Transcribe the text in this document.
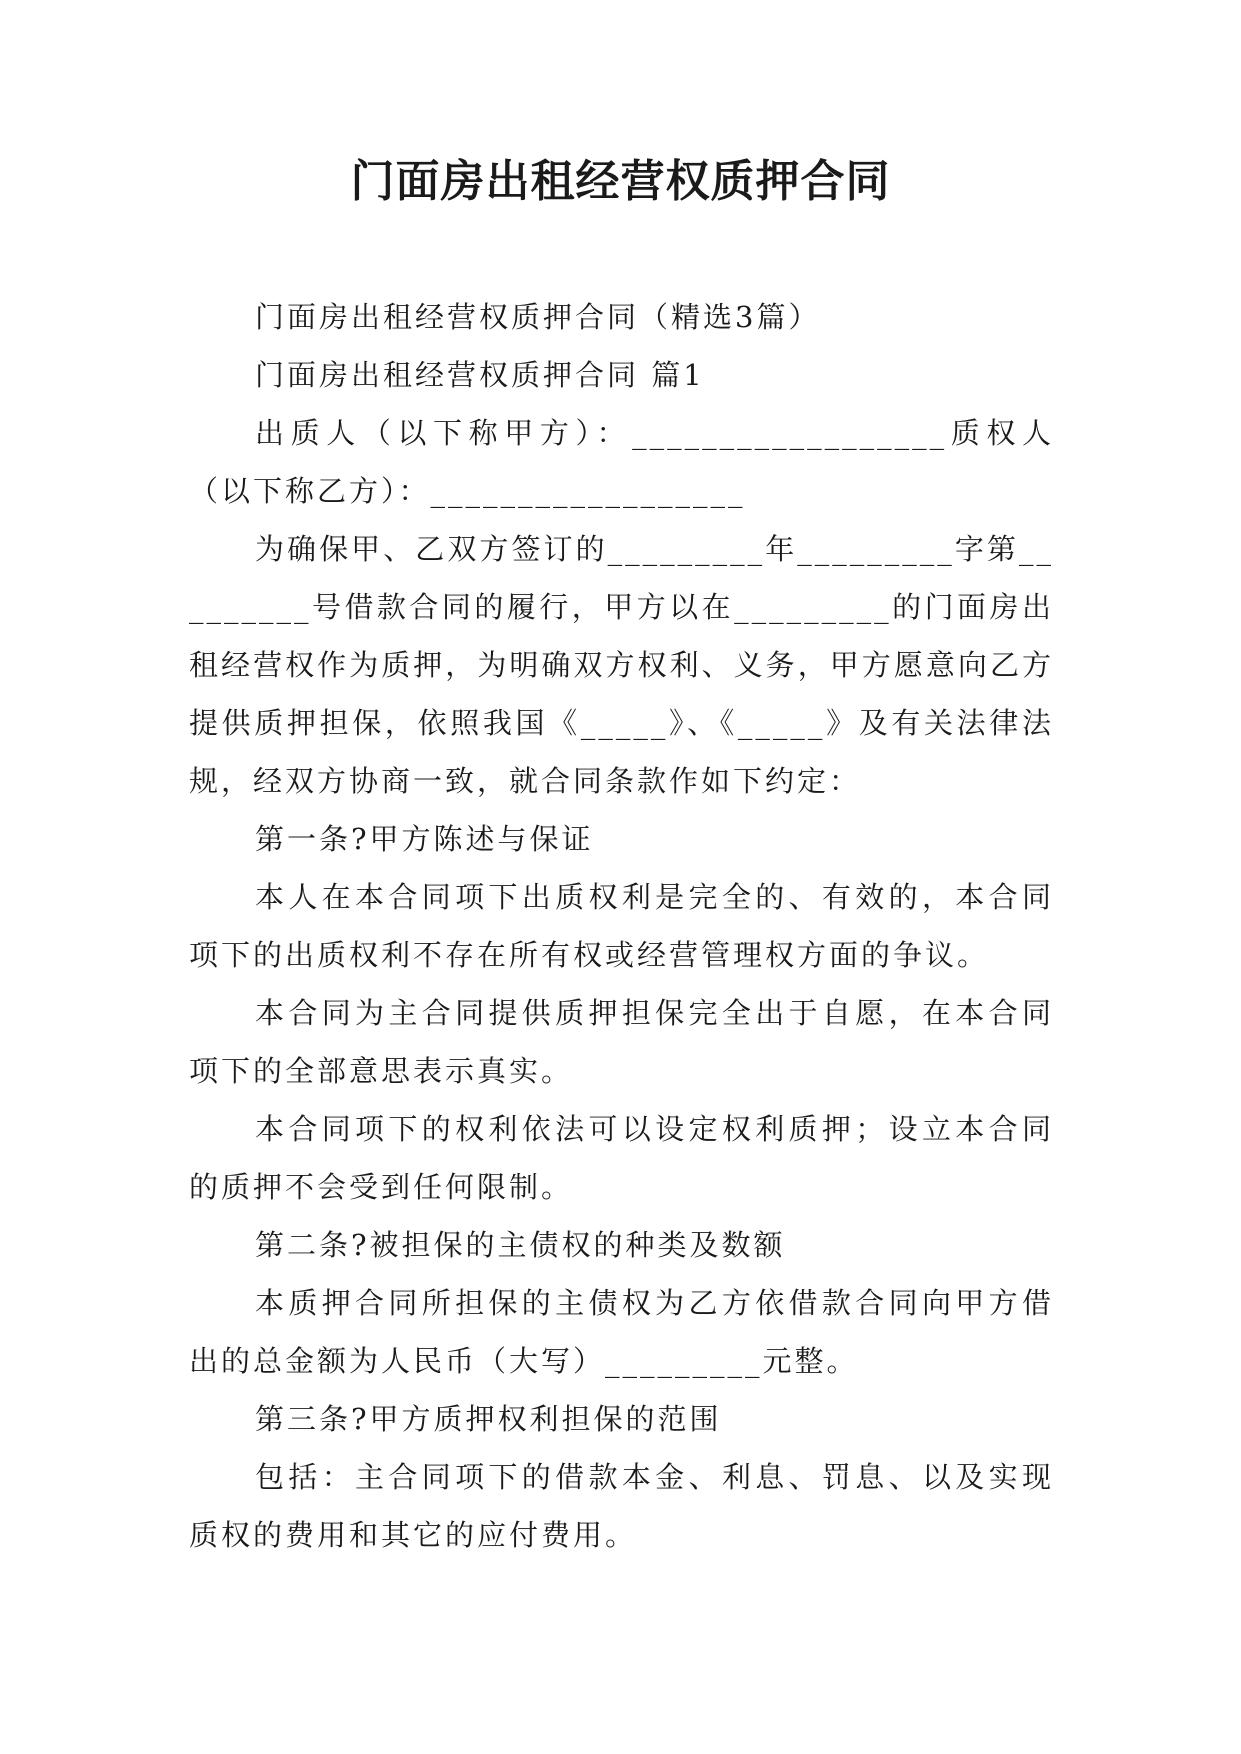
门面房出租经营权质押合同

门面房出租经营权质押合同（精选3篇）

门面房出租经营权质押合同 篇1

出质人（以下称甲方）：__________________质权人（以下称乙方）：__________________

为确保甲、乙双方签订的_________年_________字第_________号借款合同的履行，甲方以在_________的门面房出租经营权作为质押，为明确双方权利、义务，甲方愿意向乙方提供质押担保，依照我国《_____》、《_____》及有关法律法规，经双方协商一致，就合同条款作如下约定：

第一条?甲方陈述与保证

本人在本合同项下出质权利是完全的、有效的，本合同项下的出质权利不存在所有权或经营管理权方面的争议。

本合同为主合同提供质押担保完全出于自愿，在本合同项下的全部意思表示真实。

本合同项下的权利依法可以设定权利质押；设立本合同的质押不会受到任何限制。

第二条?被担保的主债权的种类及数额

本质押合同所担保的主债权为乙方依借款合同向甲方借出的总金额为人民币（大写）_________元整。

第三条?甲方质押权利担保的范围

包括：主合同项下的借款本金、利息、罚息、以及实现质权的费用和其它的应付费用。
